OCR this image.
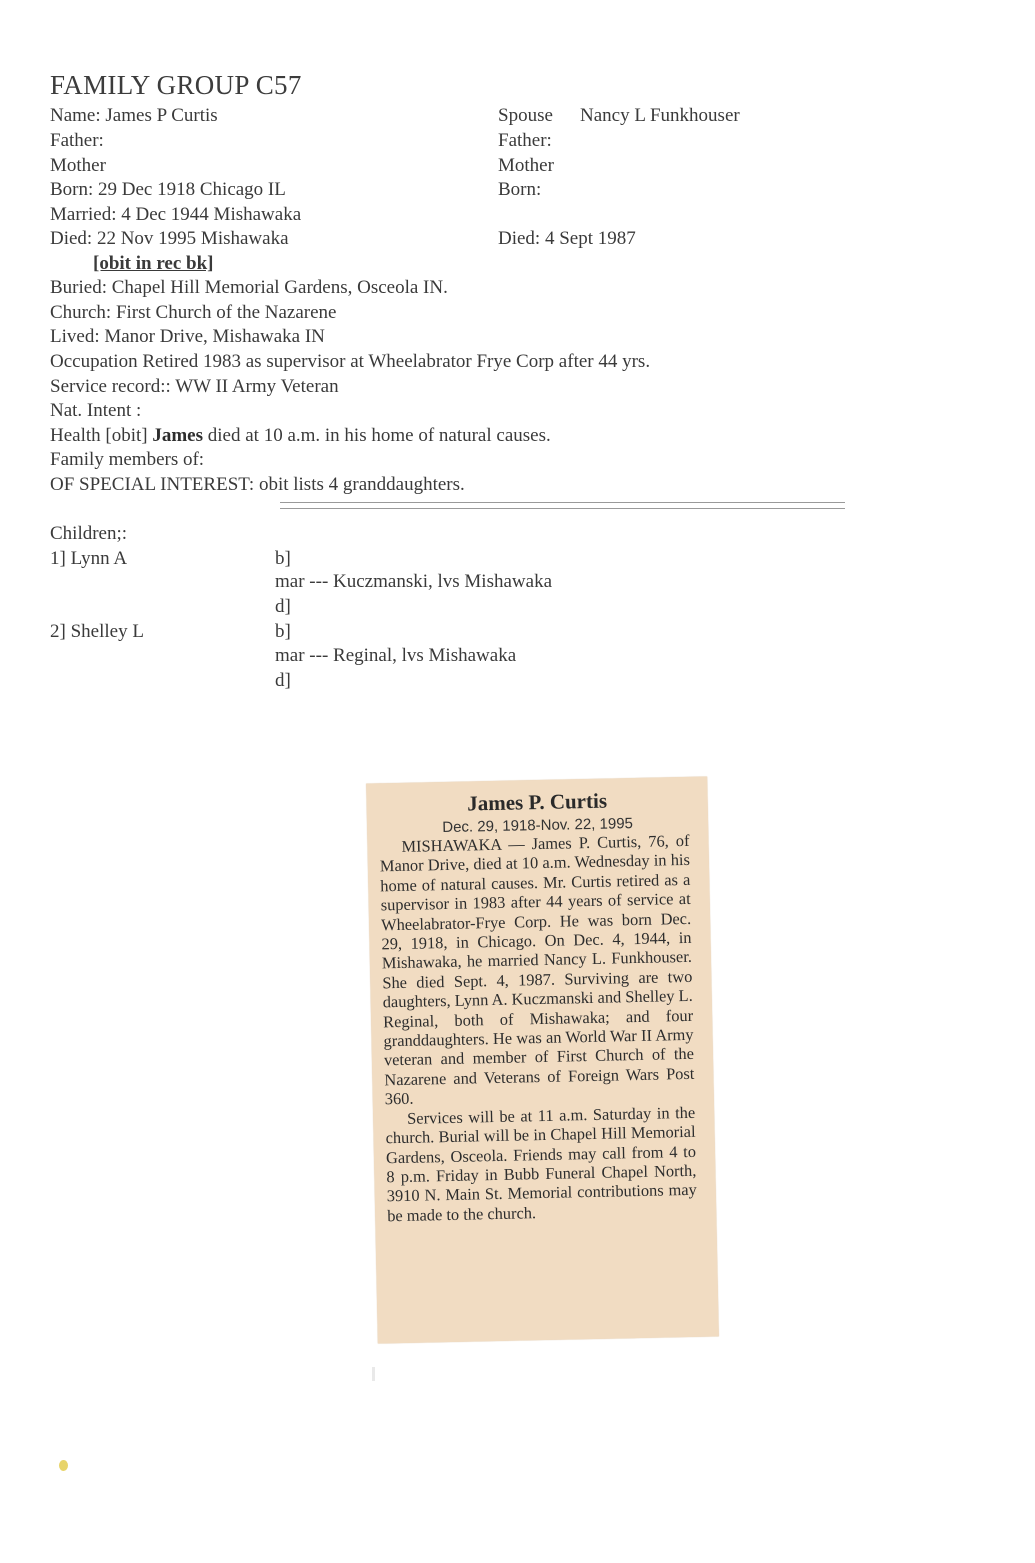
FAMILY GROUP C57
Name: James P Curtis
Father:
Mother
Born: 29 Dec 1918 Chicago IL
Married: 4 Dec 1944 Mishawaka
Died: 22 Nov 1995 Mishawaka
[obit in rec bk]
Buried: Chapel Hill Memorial Gardens, Osceola IN.
Church: First Church of the Nazarene
Lived: Manor Drive, Mishawaka IN
Occupation Retired 1983 as supervisor at Wheelabrator Frye Corp after 44 yrs.
Service record:: WW II Army Veteran
Nat. Intent :
Health [obit] James died at 10 a.m. in his home of natural causes.
Family members of:
OF SPECIAL INTEREST: obit lists 4 granddaughters.
Spouse Nancy L Funkhouser
Father:
Mother
Born:
Died: 4 Sept 1987
Children;:
1] Lynn A	b]
mar --- Kuczmanski, lvs Mishawaka
d]
2] Shelley L	b]
mar --- Reginal, lvs Mishawaka
d]
James P. Curtis
Dec. 29, 1918-Nov. 22, 1995

MISHAWAKA — James P. Curtis, 76, of Manor Drive, died at 10 a.m. Wednesday in his home of natural causes. Mr. Curtis retired as a supervisor in 1983 after 44 years of service at Wheelabrator-Frye Corp. He was born Dec. 29, 1918, in Chicago. On Dec. 4, 1944, in Mishawaka, he married Nancy L. Funkhouser. She died Sept. 4, 1987. Surviving are two daughters, Lynn A. Kuczmanski and Shelley L. Reginal, both of Mishawaka; and four granddaughters. He was an World War II Army veteran and member of First Church of the Nazarene and Veterans of Foreign Wars Post 360.

Services will be at 11 a.m. Saturday in the church. Burial will be in Chapel Hill Memorial Gardens, Osceola. Friends may call from 4 to 8 p.m. Friday in Bubb Funeral Chapel North, 3910 N. Main St. Memorial contributions may be made to the church.
